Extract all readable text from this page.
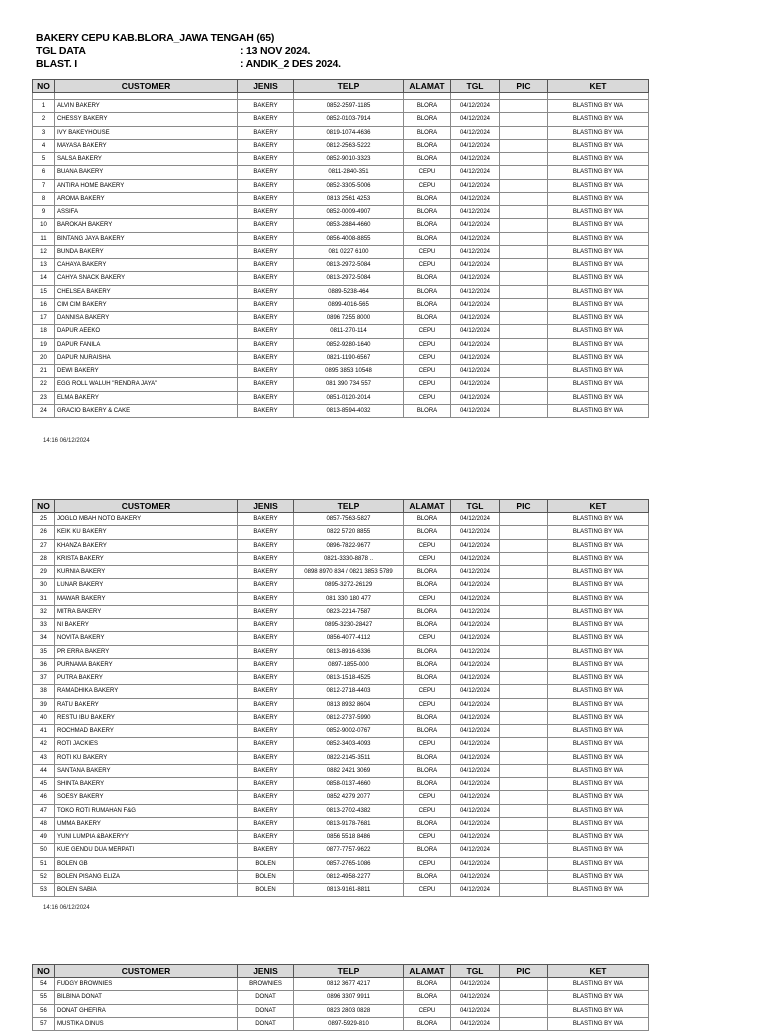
BAKERY CEPU KAB.BLORA_JAWA TENGAH (65)
TGL DATA	: 13 NOV 2024.
BLAST. I	: ANDIK_2 DES 2024.
NO	CUSTOMER	JENIS	TELP	ALAMAT	TGL	PIC	KET

1	ALVIN BAKERY	BAKERY	0852-2597-1185	BLORA	04/12/2024		BLASTING BY WA
2	CHESSY BAKERY	BAKERY	0852-0103-7914	BLORA	04/12/2024		BLASTING BY WA
3	IVY BAKEYHOUSE	BAKERY	0819-1074-4636	BLORA	04/12/2024		BLASTING BY WA
4	MAYASA BAKERY	BAKERY	0812-2563-5222	BLORA	04/12/2024		BLASTING BY WA
5	SALSA BAKERY	BAKERY	0852-9010-3323	BLORA	04/12/2024		BLASTING BY WA
6	BUANA BAKERY	BAKERY	0811-2840-351	CEPU	04/12/2024		BLASTING BY WA
7	ANTIRA HOME BAKERY	BAKERY	0852-3305-5006	CEPU	04/12/2024		BLASTING BY WA
8	AROMA BAKERY	BAKERY	0813 2561 4253	BLORA	04/12/2024		BLASTING BY WA
9	ASSIFA	BAKERY	0852-0009-4907	BLORA	04/12/2024		BLASTING BY WA
10	BAROKAH BAKERY	BAKERY	0853-2884-4660	BLORA	04/12/2024		BLASTING BY WA
11	BINTANG JAYA BAKERY	BAKERY	0856-4008-8855	BLORA	04/12/2024		BLASTING BY WA
12	BUNDA BAKERY	BAKERY	081 0227 6100	CEPU	04/12/2024		BLASTING BY WA
13	CAHAYA BAKERY	BAKERY	0813-2972-5084	CEPU	04/12/2024		BLASTING BY WA
14	CAHYA SNACK BAKERY	BAKERY	0813-2972-5084	BLORA	04/12/2024		BLASTING BY WA
15	CHELSEA BAKERY	BAKERY	0889-5238-464	BLORA	04/12/2024		BLASTING BY WA
16	CIM CIM BAKERY	BAKERY	0899-4016-565	BLORA	04/12/2024		BLASTING BY WA
17	DANNISA BAKERY	BAKERY	0896 7255 8000	BLORA	04/12/2024		BLASTING BY WA
18	DAPUR AEEKO	BAKERY	0811-270-114	CEPU	04/12/2024		BLASTING BY WA
19	DAPUR FANILA	BAKERY	0852-9280-1640	CEPU	04/12/2024		BLASTING BY WA
20	DAPUR NURAISHA	BAKERY	0821-1190-6567	CEPU	04/12/2024		BLASTING BY WA
21	DEWI BAKERY	BAKERY	0895 3853 10548	CEPU	04/12/2024		BLASTING BY WA
22	EGG ROLL WALUH "RENDRA JAYA"	BAKERY	081 390 734 557	CEPU	04/12/2024		BLASTING BY WA
23	ELMA BAKERY	BAKERY	0851-0120-2014	CEPU	04/12/2024		BLASTING BY WA
24	GRACIO BAKERY & CAKE	BAKERY	0813-8594-4032	BLORA	04/12/2024		BLASTING BY WA
14:16 06/12/2024
NO	CUSTOMER	JENIS	TELP	ALAMAT	TGL	PIC	KET
25	JOGLO MBAH NOTO BAKERY	BAKERY	0857-7563-5827	BLORA	04/12/2024		BLASTING BY WA
26	KEIK KU BAKERY	BAKERY	0822 5720 8855	BLORA	04/12/2024		BLASTING BY WA
27	KHANZA BAKERY	BAKERY	0896-7822-9677	CEPU	04/12/2024		BLASTING BY WA
28	KRISTA BAKERY	BAKERY	0821-3330-8878 ..	CEPU	04/12/2024		BLASTING BY WA
29	KURNIA BAKERY	BAKERY	0898 8970 834 / 0821 3853 5789	BLORA	04/12/2024		BLASTING BY WA
30	LUNAR BAKERY	BAKERY	0895-3272-26129	BLORA	04/12/2024		BLASTING BY WA
31	MAWAR BAKERY	BAKERY	081 330 180 477	CEPU	04/12/2024		BLASTING BY WA
32	MITRA BAKERY	BAKERY	0823-2214-7587	BLORA	04/12/2024		BLASTING BY WA
33	NI BAKERY	BAKERY	0895-3230-28427	BLORA	04/12/2024		BLASTING BY WA
34	NOVITA BAKERY	BAKERY	0856-4077-4112	CEPU	04/12/2024		BLASTING BY WA
35	PR ERRA BAKERY	BAKERY	0813-8916-6336	BLORA	04/12/2024		BLASTING BY WA
36	PURNAMA BAKERY	BAKERY	0897-1855-000	BLORA	04/12/2024		BLASTING BY WA
37	PUTRA BAKERY	BAKERY	0813-1518-4525	BLORA	04/12/2024		BLASTING BY WA
38	RAMADHIKA BAKERY	BAKERY	0812-2718-4403	CEPU	04/12/2024		BLASTING BY WA
39	RATU BAKERY	BAKERY	0813 8932 8604	CEPU	04/12/2024		BLASTING BY WA
40	RESTU IBU BAKERY	BAKERY	0812-2737-5990	BLORA	04/12/2024		BLASTING BY WA
41	ROCHMAD BAKERY	BAKERY	0852-9002-0767	BLORA	04/12/2024		BLASTING BY WA
42	ROTI JACKIES	BAKERY	0852-3403-4093	CEPU	04/12/2024		BLASTING BY WA
43	ROTI KU BAKERY	BAKERY	0822-2145-3511	BLORA	04/12/2024		BLASTING BY WA
44	SANTANA BAKERY	BAKERY	0882 2421 3069	BLORA	04/12/2024		BLASTING BY WA
45	SHINTA BAKERY	BAKERY	0858-0137-4660	BLORA	04/12/2024		BLASTING BY WA
46	SOESY BAKERY	BAKERY	0852 4279 2077	CEPU	04/12/2024		BLASTING BY WA
47	TOKO ROTI RUMAHAN F&G	BAKERY	0813-2702-4382	CEPU	04/12/2024		BLASTING BY WA
48	UMMA BAKERY	BAKERY	0813-9178-7681	BLORA	04/12/2024		BLASTING BY WA
49	YUNI LUMPIA &BAKERYY	BAKERY	0856 5518 8486	CEPU	04/12/2024		BLASTING BY WA
50	KUE GENDU DUA MERPATI	BAKERY	0877-7757-9622	BLORA	04/12/2024		BLASTING BY WA
51	BOLEN GB	BOLEN	0857-2765-1086	CEPU	04/12/2024		BLASTING BY WA
52	BOLEN PISANG ELIZA	BOLEN	0812-4958-2277	BLORA	04/12/2024		BLASTING BY WA
53	BOLEN SABIA	BOLEN	0813-9161-8811	CEPU	04/12/2024		BLASTING BY WA
14:16 06/12/2024
NO	CUSTOMER	JENIS	TELP	ALAMAT	TGL	PIC	KET
54	FUDGY BROWNIES	BROWNIES	0812 3677 4217	BLORA	04/12/2024		BLASTING BY WA
55	BILBINA DONAT	DONAT	0896 3307 9911	BLORA	04/12/2024		BLASTING BY WA
56	DONAT GHEFIRA	DONAT	0823 2803 0828	CEPU	04/12/2024		BLASTING BY WA
57	MUSTIKA DINUS	DONAT	0897-5929-810	BLORA	04/12/2024		BLASTING BY WA
